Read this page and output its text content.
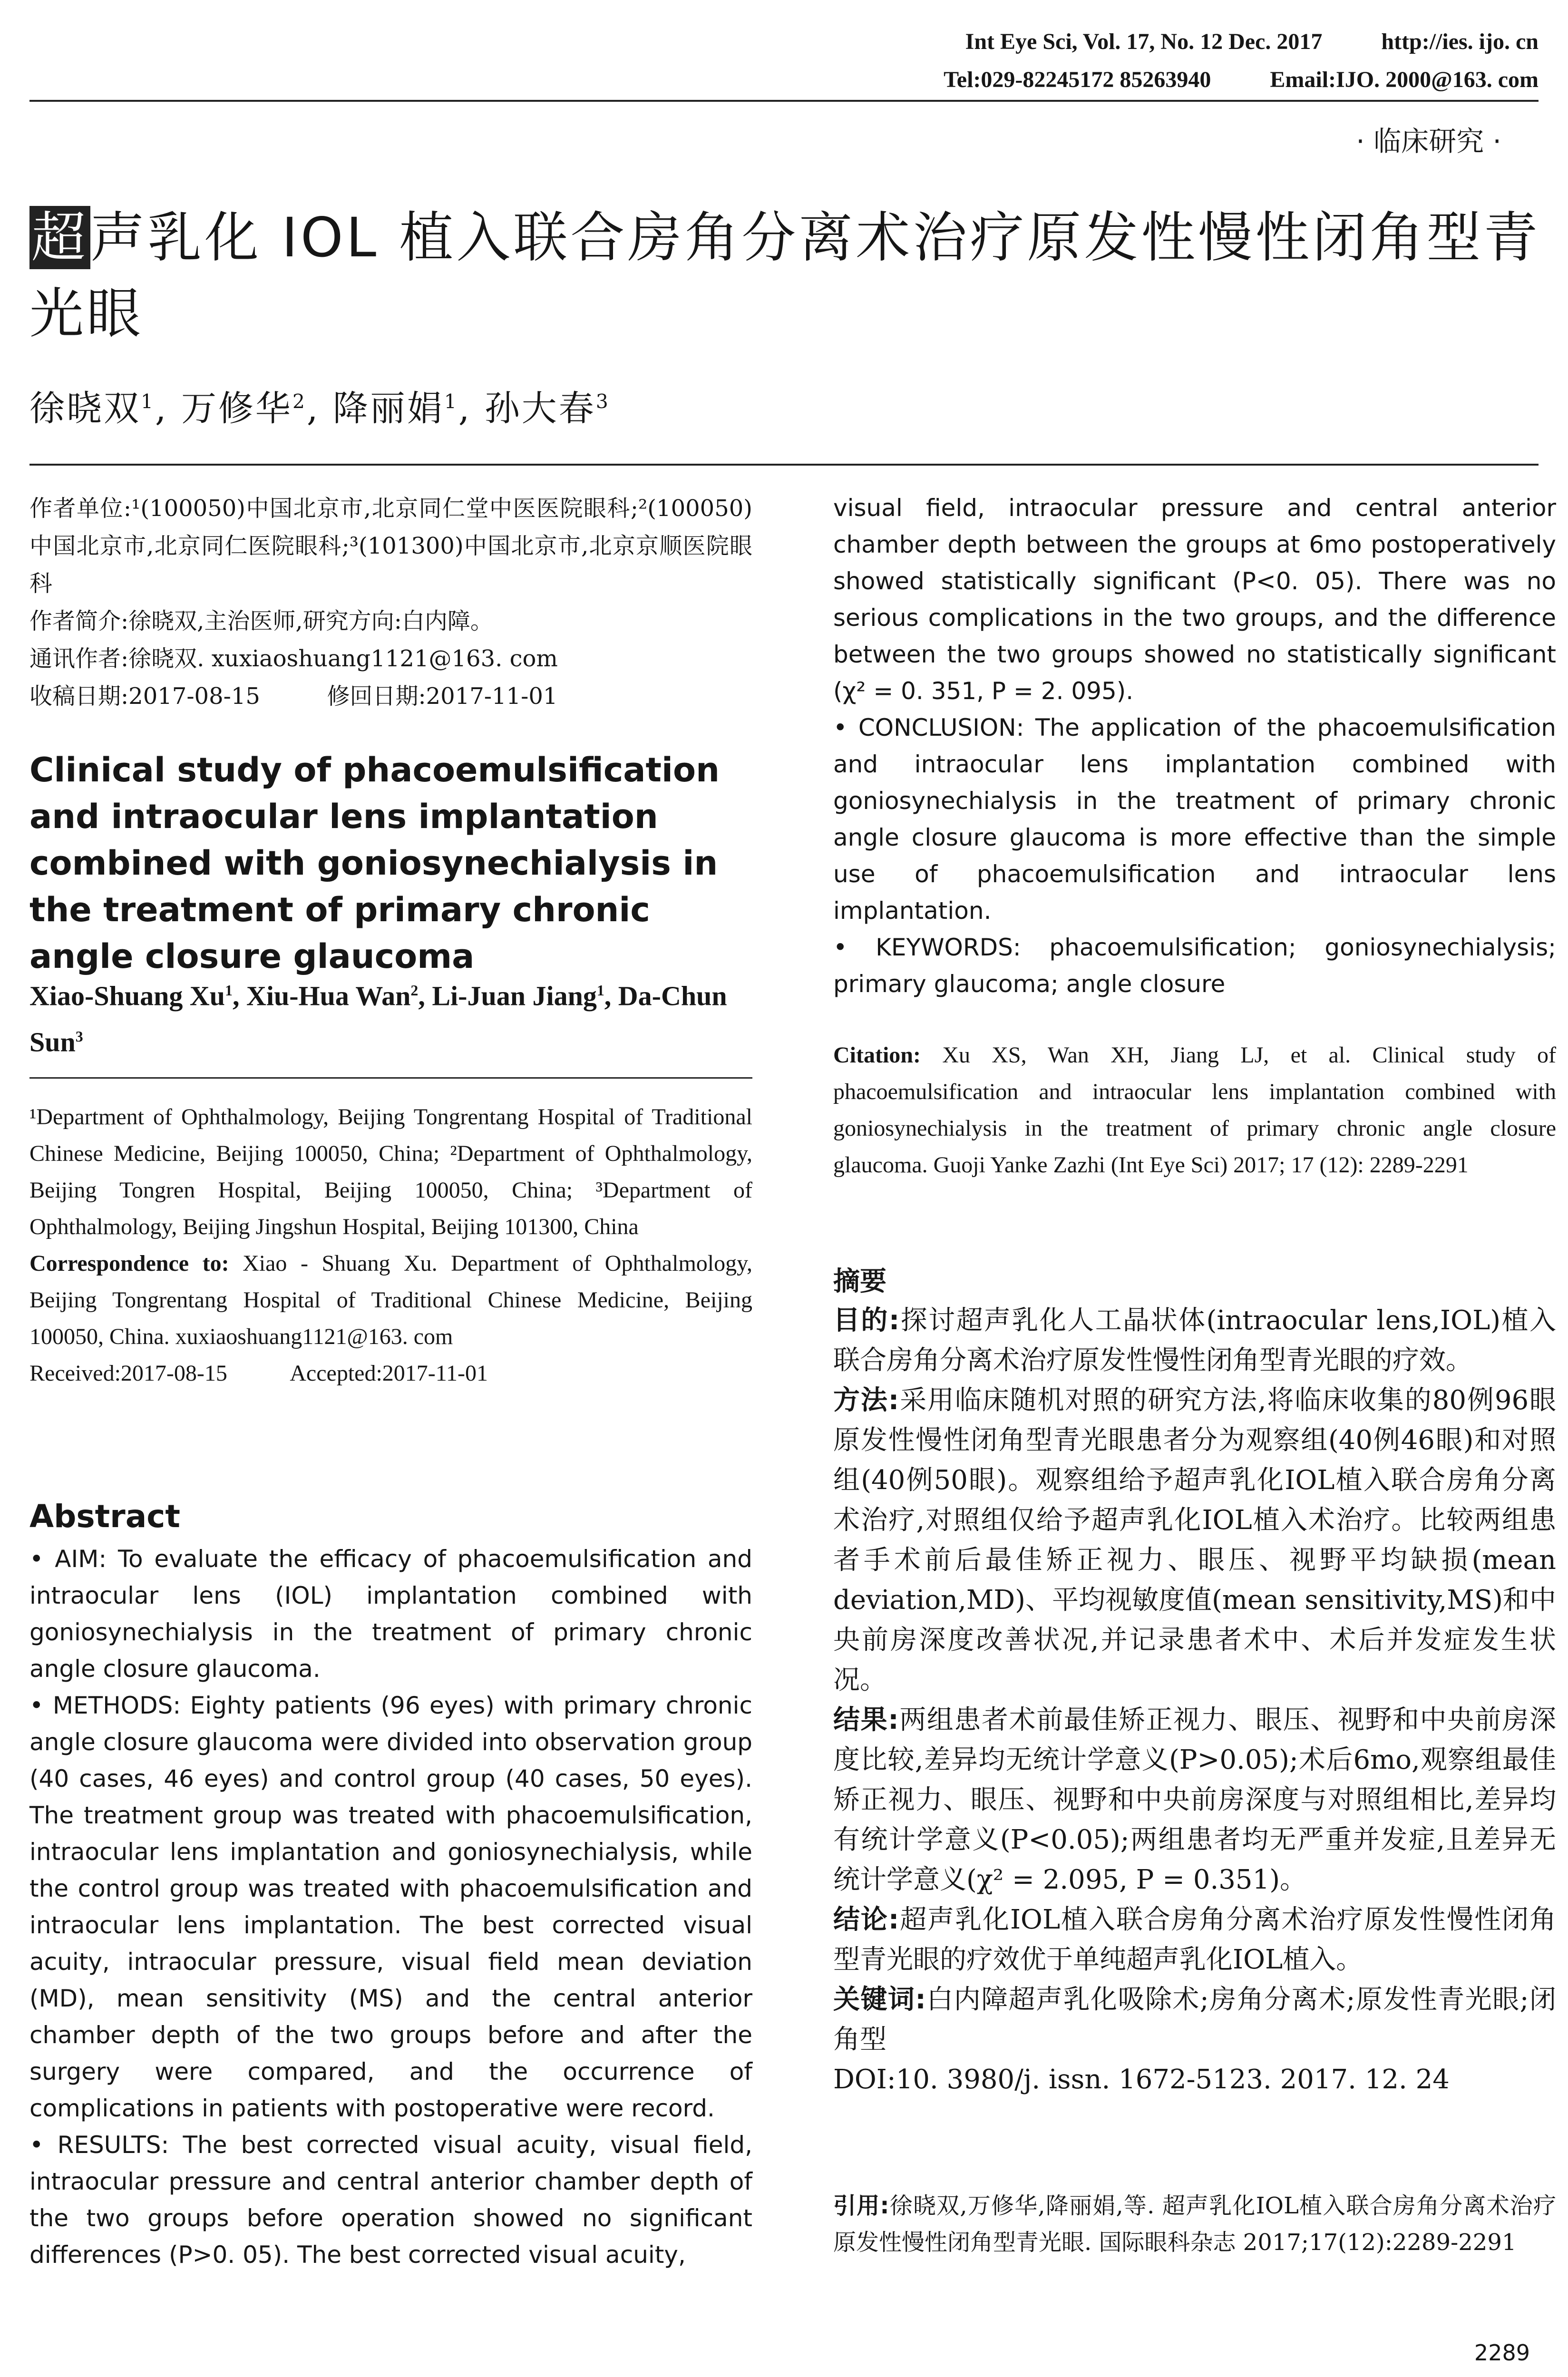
Int Eye Sci, Vol. 17, No. 12 Dec. 2017	http://ies. ijo. cn
Tel:029-82245172 85263940	Email:IJO. 2000@163. com
· 临床研究 ·
超声乳化 IOL 植入联合房角分离术治疗原发性慢性闭角型青光眼
徐晓双$^1$, 万修华$^2$, 降丽娟$^1$, 孙大春$^3$

作者单位:¹(100050)中国北京市,北京同仁堂中医医院眼科;²(100050)中国北京市,北京同仁医院眼科;³(101300)中国北京市,北京京顺医院眼科

作者简介:徐晓双,主治医师,研究方向:白内障。

通讯作者:徐晓双. xuxiaoshuang1121@163. com

收稿日期:2017-08-15	修回日期:2017-11-01

Clinical study of phacoemulsification and intraocular lens implantation combined with goniosynechialysis in the treatment of primary chronic angle closure glaucoma
Xiao-Shuang Xu$^1$, Xiu-Hua Wan$^2$, Li-Juan Jiang$^1$, Da-Chun Sun$^3$

¹Department of Ophthalmology, Beijing Tongrentang Hospital of Traditional Chinese Medicine, Beijing 100050, China; ²Department of Ophthalmology, Beijing Tongren Hospital, Beijing 100050, China; ³Department of Ophthalmology, Beijing Jingshun Hospital, Beijing 101300, China

Correspondence to: Xiao - Shuang Xu. Department of Ophthalmology, Beijing Tongrentang Hospital of Traditional Chinese Medicine, Beijing 100050, China. xuxiaoshuang1121@163. com

Received:2017-08-15	Accepted:2017-11-01

Abstract

• AIM: To evaluate the efficacy of phacoemulsification and intraocular lens (IOL) implantation combined with goniosynechialysis in the treatment of primary chronic angle closure glaucoma.

• METHODS: Eighty patients (96 eyes) with primary chronic angle closure glaucoma were divided into observation group (40 cases, 46 eyes) and control group (40 cases, 50 eyes). The treatment group was treated with phacoemulsification, intraocular lens implantation and goniosynechialysis, while the control group was treated with phacoemulsification and intraocular lens implantation. The best corrected visual acuity, intraocular pressure, visual field mean deviation (MD), mean sensitivity (MS) and the central anterior chamber depth of the two groups before and after the surgery were compared, and the occurrence of complications in patients with postoperative were record.

• RESULTS: The best corrected visual acuity, visual field, intraocular pressure and central anterior chamber depth of the two groups before operation showed no significant differences (P>0. 05). The best corrected visual acuity,

visual field, intraocular pressure and central anterior chamber depth between the groups at 6mo postoperatively showed statistically significant (P<0. 05). There was no serious complications in the two groups, and the difference between the two groups showed no statistically significant (χ² = 0. 351, P = 2. 095).

• CONCLUSION: The application of the phacoemulsification and intraocular lens implantation combined with goniosynechialysis in the treatment of primary chronic angle closure glaucoma is more effective than the simple use of phacoemulsification and intraocular lens implantation.

• KEYWORDS: phacoemulsification; goniosynechialysis; primary glaucoma; angle closure

Citation: Xu XS, Wan XH, Jiang LJ, et al. Clinical study of phacoemulsification and intraocular lens implantation combined with goniosynechialysis in the treatment of primary chronic angle closure glaucoma. Guoji Yanke Zazhi (Int Eye Sci) 2017; 17 (12): 2289-2291
摘要

目的:探讨超声乳化人工晶状体(intraocular lens,IOL)植入联合房角分离术治疗原发性慢性闭角型青光眼的疗效。

方法:采用临床随机对照的研究方法,将临床收集的80例96眼原发性慢性闭角型青光眼患者分为观察组(40例46眼)和对照组(40例50眼)。观察组给予超声乳化IOL植入联合房角分离术治疗,对照组仅给予超声乳化IOL植入术治疗。比较两组患者手术前后最佳矫正视力、眼压、视野平均缺损(mean deviation,MD)、平均视敏度值(mean sensitivity,MS)和中央前房深度改善状况,并记录患者术中、术后并发症发生状况。

结果:两组患者术前最佳矫正视力、眼压、视野和中央前房深度比较,差异均无统计学意义(P>0.05);术后6mo,观察组最佳矫正视力、眼压、视野和中央前房深度与对照组相比,差异均有统计学意义(P<0.05);两组患者均无严重并发症,且差异无统计学意义(χ² = 2.095, P = 0.351)。

结论:超声乳化IOL植入联合房角分离术治疗原发性慢性闭角型青光眼的疗效优于单纯超声乳化IOL植入。

关键词:白内障超声乳化吸除术;房角分离术;原发性青光眼;闭角型

DOI:10. 3980/j. issn. 1672-5123. 2017. 12. 24

引用:徐晓双,万修华,降丽娟,等. 超声乳化IOL植入联合房角分离术治疗原发性慢性闭角型青光眼. 国际眼科杂志 2017;17(12):2289-2291
2289
